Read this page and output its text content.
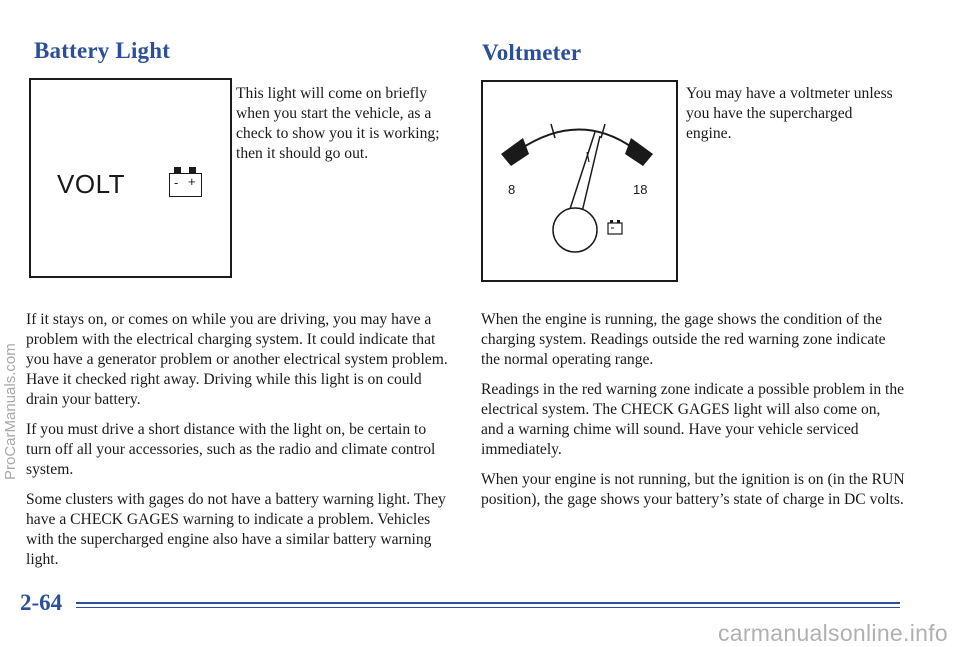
Battery Light
VOLT	- +

This light will come on briefly when you start the vehicle, as a check to show you it is working; then it should go out.

If it stays on, or comes on while you are driving, you may have a problem with the electrical charging system. It could indicate that you have a generator problem or another electrical system problem. Have it checked right away. Driving while this light is on could drain your battery.

If you must drive a short distance with the light on, be certain to turn off all your accessories, such as the radio and climate control system.

Some clusters with gages do not have a battery warning light. They have a CHECK GAGES warning to indicate a problem. Vehicles with the supercharged engine also have a similar battery warning light.

Voltmeter
8	18

You may have a voltmeter unless you have the supercharged engine.

When the engine is running, the gage shows the condition of the charging system. Readings outside the red warning zone indicate the normal operating range.

Readings in the red warning zone indicate a possible problem in the electrical system. The CHECK GAGES light will also come on, and a warning chime will sound. Have your vehicle serviced immediately.

When your engine is not running, but the ignition is on (in the RUN position), the gage shows your battery’s state of charge in DC volts.

2-64
ProCarManuals.com
carmanualsonline.info
